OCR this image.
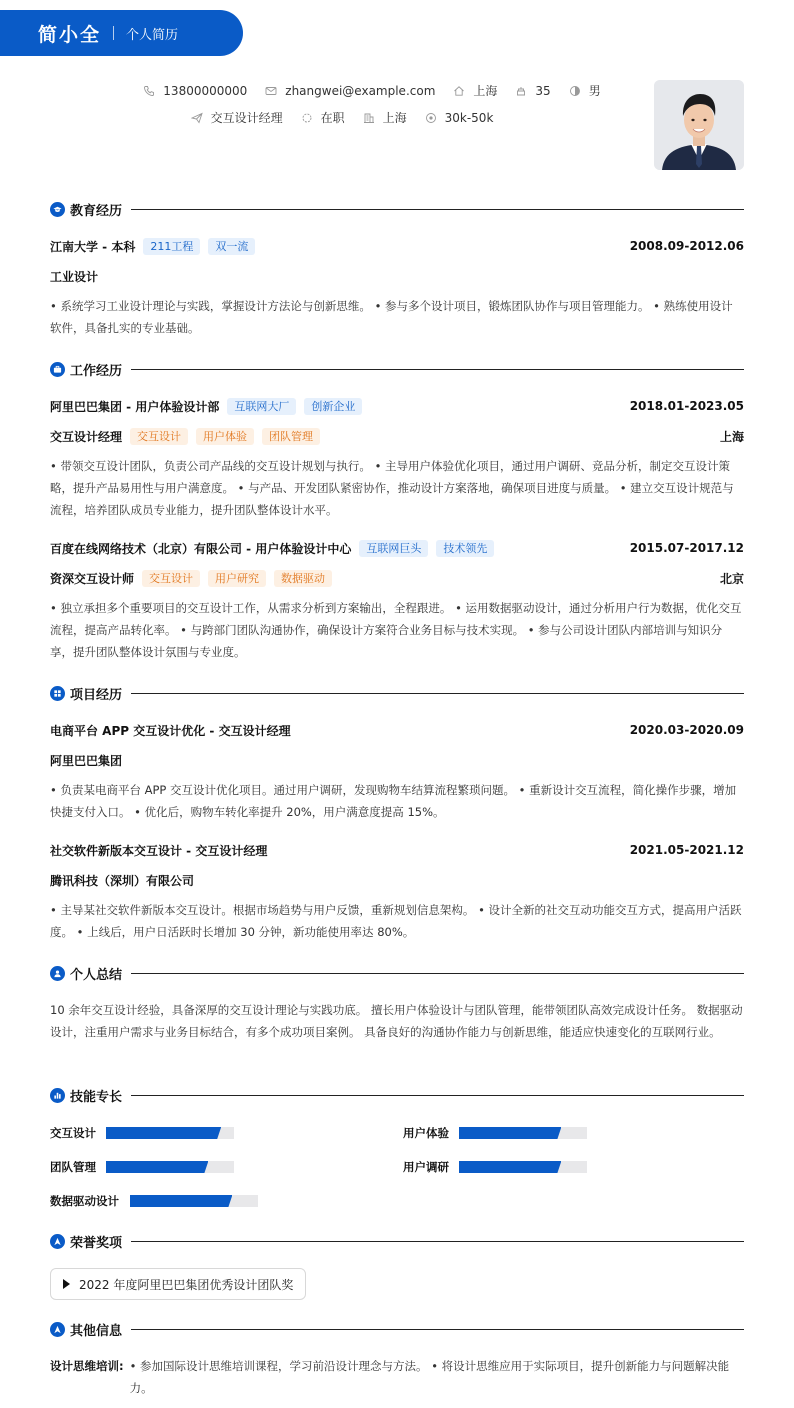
简小全 个人简历
13800000000	zhangwei@example.com	上海	35	男
交互设计经理	在职	上海	30k-50k
教育经历
江南大学 - 本科	211工程	双一流	2008.09-2012.06
工业设计
• 系统学习工业设计理论与实践，掌握设计方法论与创新思维。 • 参与多个设计项目，锻炼团队协作与项目管理能力。 • 熟练使用设计软件，具备扎实的专业基础。
工作经历
阿里巴巴集团 - 用户体验设计部	互联网大厂	创新企业	2018.01-2023.05
交互设计经理	交互设计	用户体验	团队管理	上海
• 带领交互设计团队，负责公司产品线的交互设计规划与执行。 • 主导用户体验优化项目，通过用户调研、竞品分析，制定交互设计策略，提升产品易用性与用户满意度。 • 与产品、开发团队紧密协作，推动设计方案落地，确保项目进度与质量。 • 建立交互设计规范与流程，培养团队成员专业能力，提升团队整体设计水平。
百度在线网络技术（北京）有限公司 - 用户体验设计中心	互联网巨头	技术领先	2015.07-2017.12
资深交互设计师	交互设计	用户研究	数据驱动	北京
• 独立承担多个重要项目的交互设计工作，从需求分析到方案输出，全程跟进。 • 运用数据驱动设计，通过分析用户行为数据，优化交互流程，提高产品转化率。 • 与跨部门团队沟通协作，确保设计方案符合业务目标与技术实现。 • 参与公司设计团队内部培训与知识分享，提升团队整体设计氛围与专业度。
项目经历
电商平台 APP 交互设计优化 - 交互设计经理	2020.03-2020.09
阿里巴巴集团
• 负责某电商平台 APP 交互设计优化项目。通过用户调研，发现购物车结算流程繁琐问题。 • 重新设计交互流程，简化操作步骤，增加快捷支付入口。 • 优化后，购物车转化率提升 20%，用户满意度提高 15%。
社交软件新版本交互设计 - 交互设计经理	2021.05-2021.12
腾讯科技（深圳）有限公司
• 主导某社交软件新版本交互设计。根据市场趋势与用户反馈，重新规划信息架构。 • 设计全新的社交互动功能交互方式，提高用户活跃度。 • 上线后，用户日活跃时长增加 30 分钟，新功能使用率达 80%。
个人总结
10 余年交互设计经验，具备深厚的交互设计理论与实践功底。 擅长用户体验设计与团队管理，能带领团队高效完成设计任务。 数据驱动设计，注重用户需求与业务目标结合，有多个成功项目案例。 具备良好的沟通协作能力与创新思维，能适应快速变化的互联网行业。
技能专长
交互设计	用户体验
团队管理	用户调研
数据驱动设计
荣誉奖项
2022 年度阿里巴巴集团优秀设计团队奖
其他信息
设计思维培训: • 参加国际设计思维培训课程，学习前沿设计理念与方法。 • 将设计思维应用于实际项目，提升创新能力与问题解决能力。
